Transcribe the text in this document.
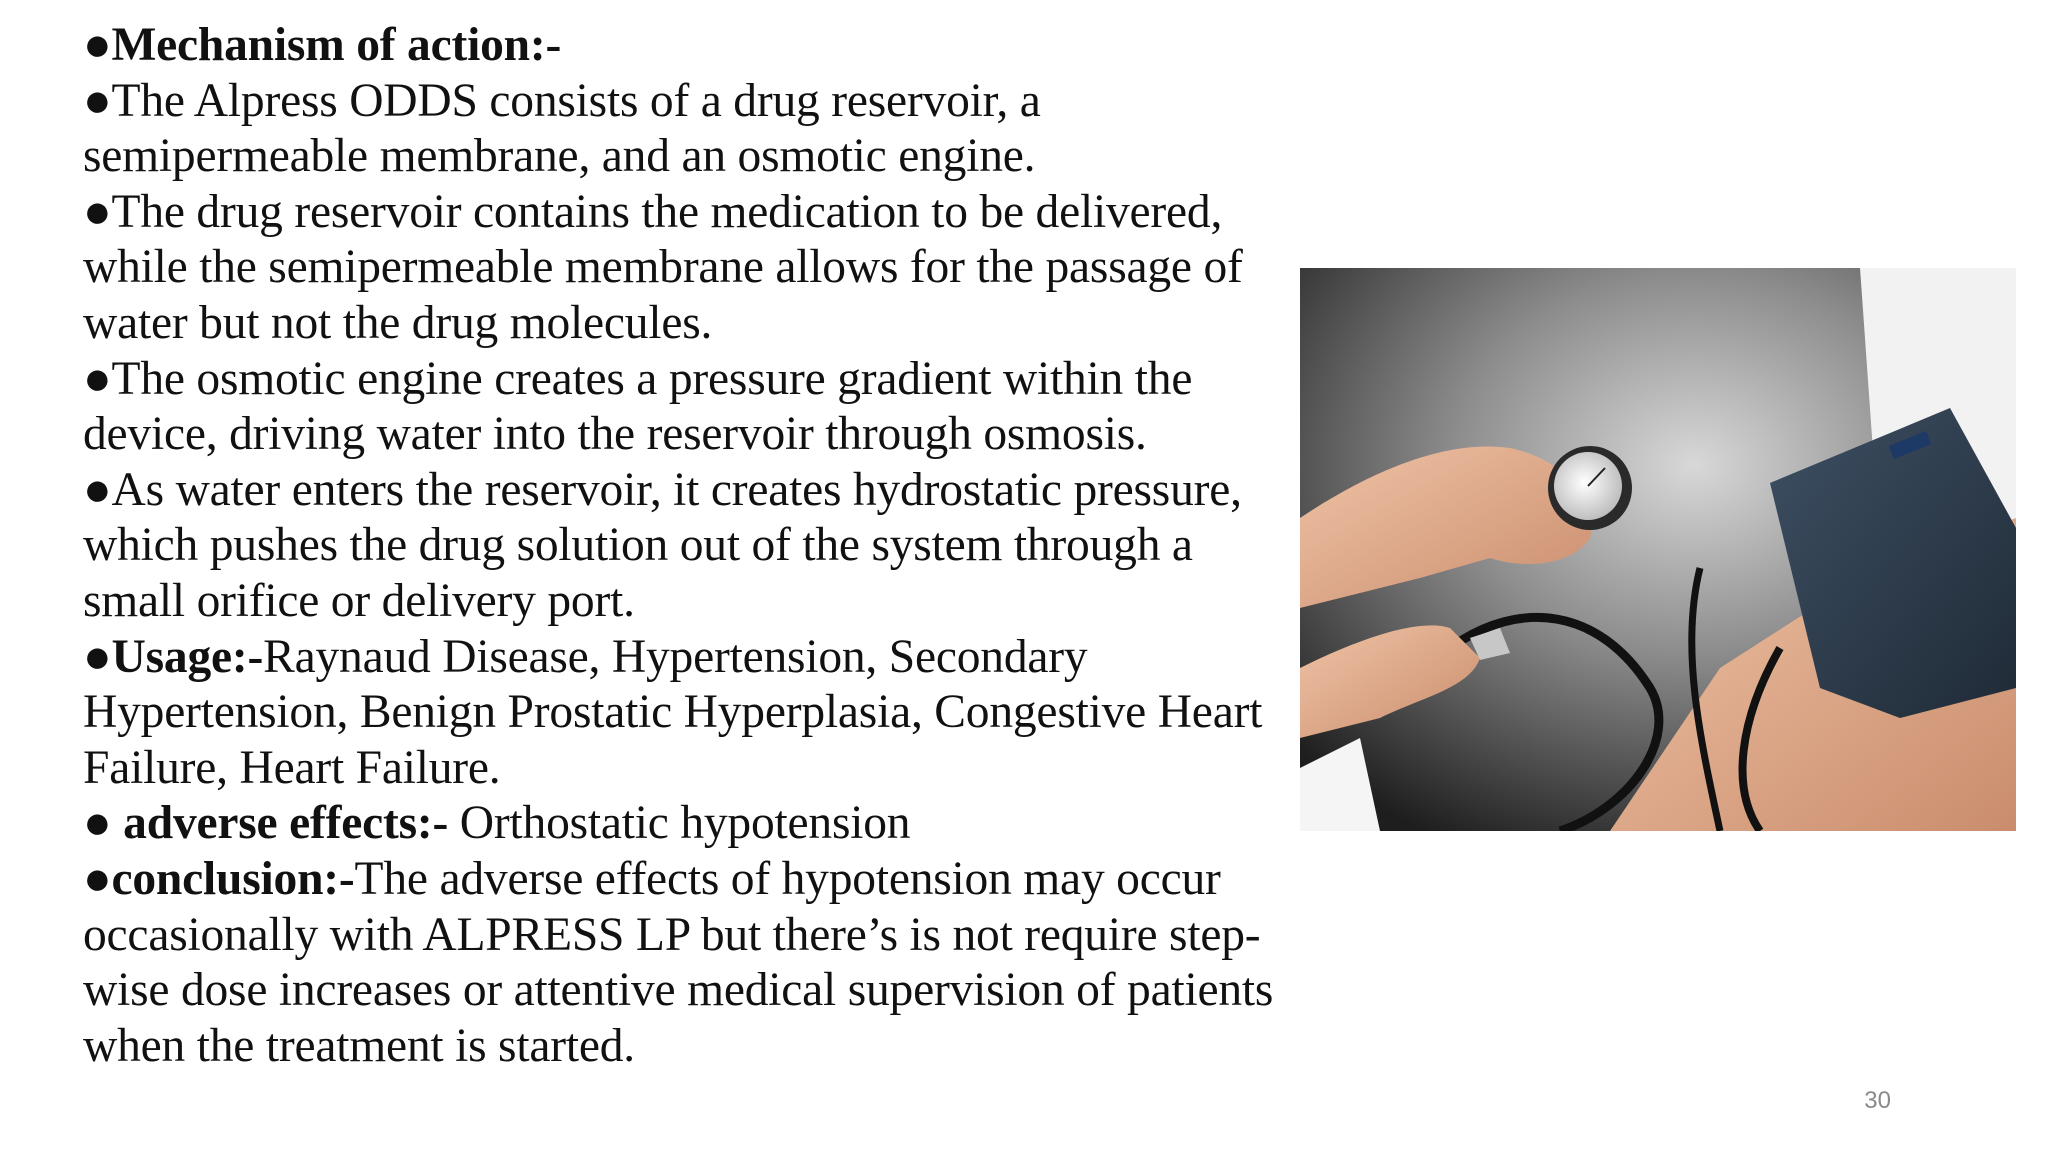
●Mechanism of action:-

●The Alpress ODDS consists of a drug reservoir, a semipermeable membrane, and an osmotic engine.

●The drug reservoir contains the medication to be delivered, while the semipermeable membrane allows for the passage of water but not the drug molecules.

●The osmotic engine creates a pressure gradient within the device, driving water into the reservoir through osmosis.

●As water enters the reservoir, it creates hydrostatic pressure, which pushes the drug solution out of the system through a small orifice or delivery port.

●Usage:-Raynaud Disease, Hypertension, Secondary Hypertension, Benign Prostatic Hyperplasia, Congestive Heart Failure, Heart Failure.

● adverse effects:- Orthostatic hypotension

●conclusion:-The adverse effects of hypotension may occur occasionally with ALPRESS LP but there’s is not require step-wise dose increases or attentive medical supervision of patients when the treatment is started.

30
